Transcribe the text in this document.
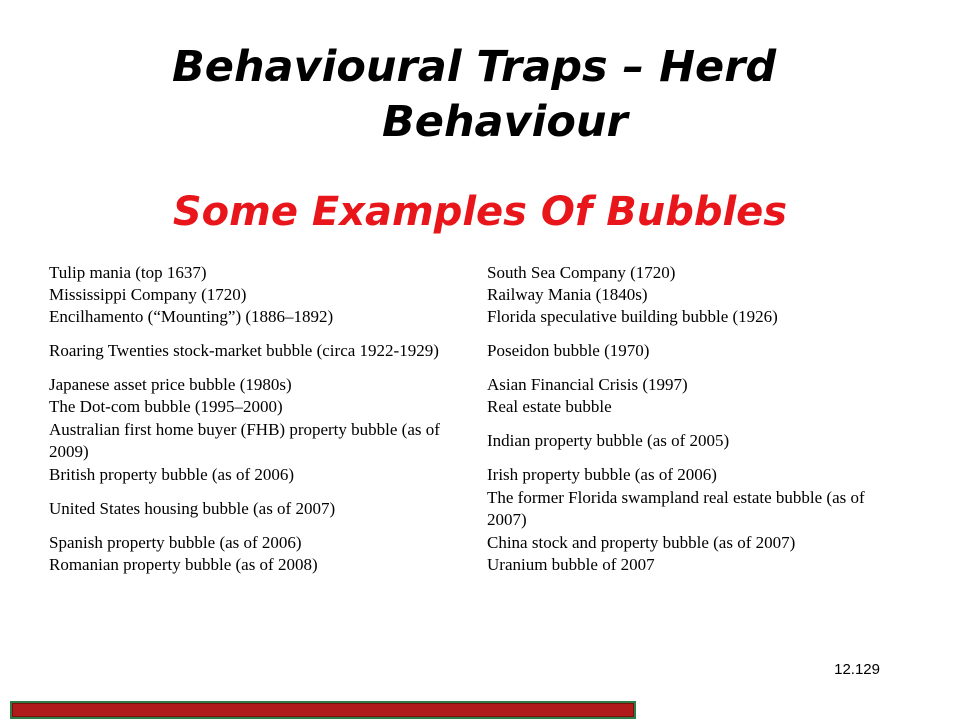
Behavioural Traps – Herd
Behaviour
Some Examples Of Bubbles
Tulip mania (top 1637)	South Sea Company (1720)
Mississippi Company (1720)	Railway Mania (1840s)
Encilhamento (“Mounting”) (1886–1892)	Florida speculative building bubble (1926)
Roaring Twenties stock-market bubble (circa 1922-1929)	Poseidon bubble (1970)
Japanese asset price bubble (1980s)	Asian Financial Crisis (1997)
The Dot-com bubble (1995–2000)	Real estate bubble
Australian first home buyer (FHB) property bubble (as of 2009)	Indian property bubble (as of 2005)
British property bubble (as of 2006)	Irish property bubble (as of 2006)
United States housing bubble (as of 2007)	The former Florida swampland real estate bubble (as of 2007)
Spanish property bubble (as of 2006)	China stock and property bubble (as of 2007)
Romanian property bubble (as of 2008)	Uranium bubble of 2007
12.129
